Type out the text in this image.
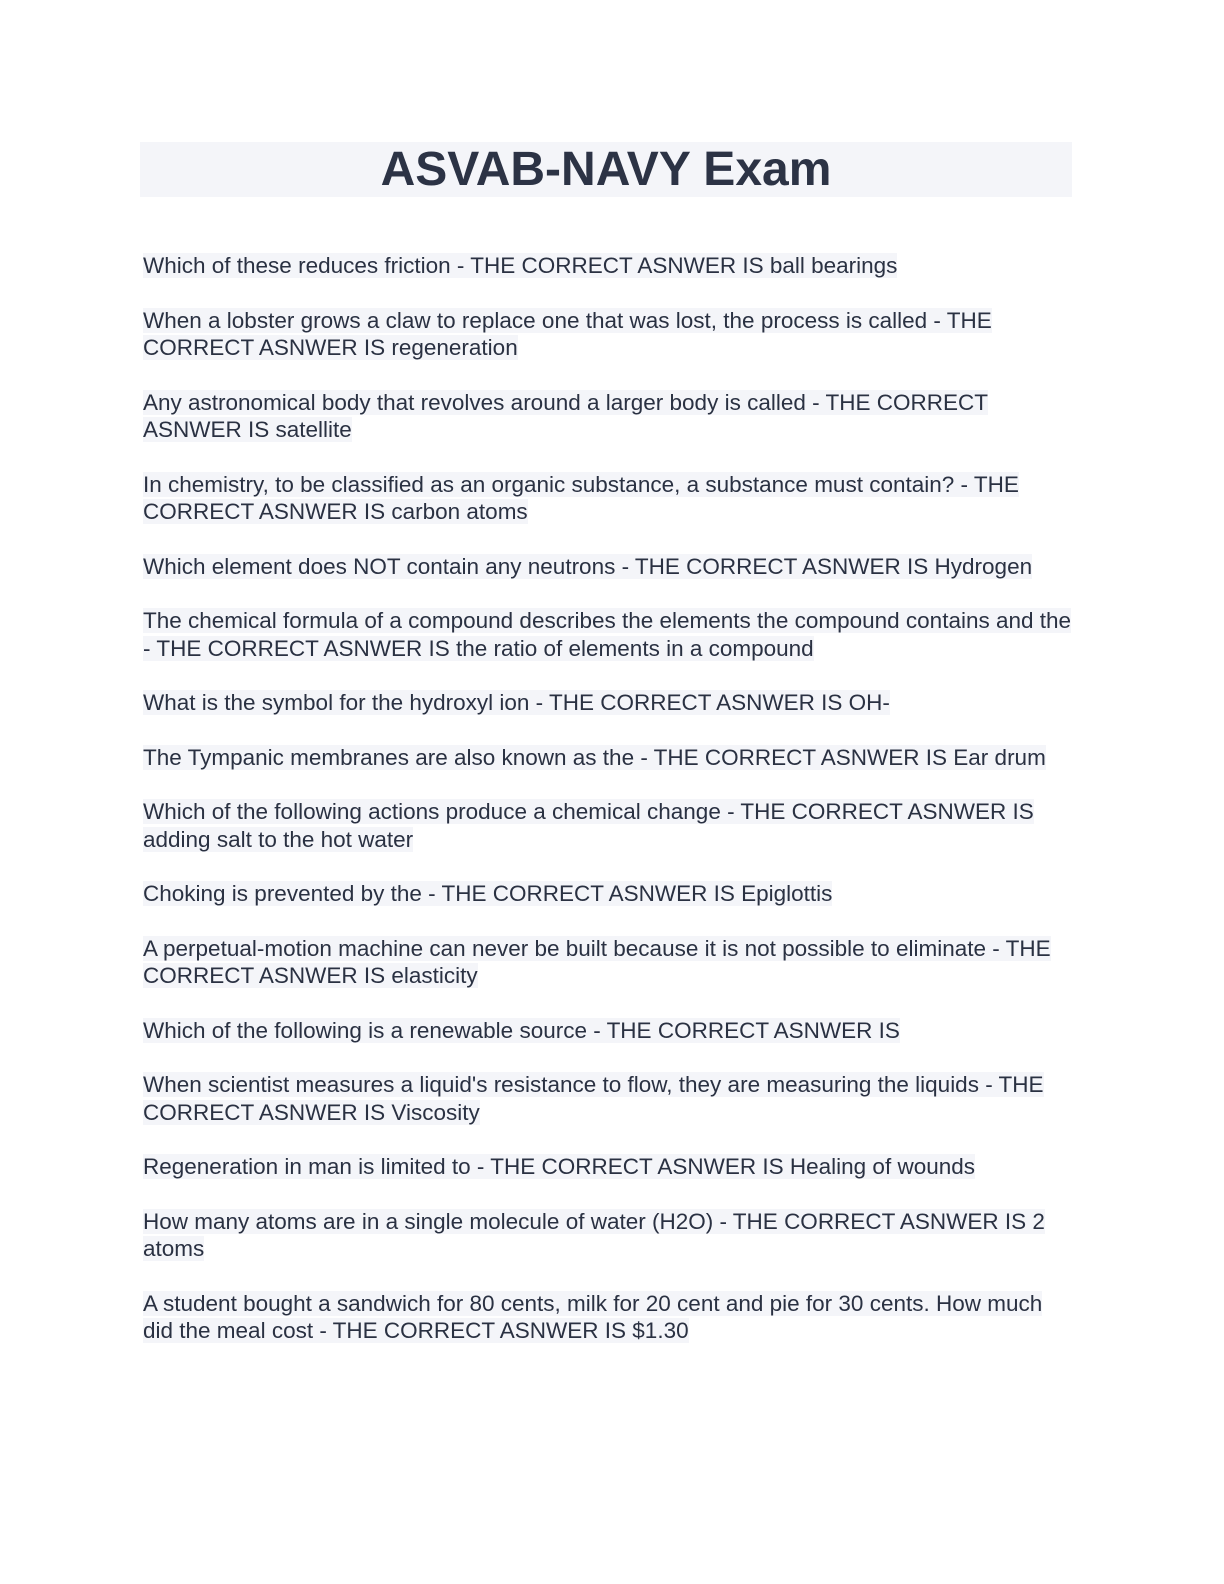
ASVAB-NAVY Exam
Which of these reduces friction - THE CORRECT ASNWER IS ball bearings
When a lobster grows a claw to replace one that was lost, the process is called - THE CORRECT ASNWER IS regeneration
Any astronomical body that revolves around a larger body is called - THE CORRECT ASNWER IS satellite
In chemistry, to be classified as an organic substance, a substance must contain? - THE CORRECT ASNWER IS carbon atoms
Which element does NOT contain any neutrons - THE CORRECT ASNWER IS Hydrogen
The chemical formula of a compound describes the elements the compound contains and the - THE CORRECT ASNWER IS the ratio of elements in a compound
What is the symbol for the hydroxyl ion - THE CORRECT ASNWER IS OH-
The Tympanic membranes are also known as the - THE CORRECT ASNWER IS Ear drum
Which of the following actions produce a chemical change - THE CORRECT ASNWER IS adding salt to the hot water
Choking is prevented by the - THE CORRECT ASNWER IS Epiglottis
A perpetual-motion machine can never be built because it is not possible to eliminate - THE CORRECT ASNWER IS elasticity
Which of the following is a renewable source - THE CORRECT ASNWER IS
When scientist measures a liquid's resistance to flow, they are measuring the liquids - THE CORRECT ASNWER IS Viscosity
Regeneration in man is limited to - THE CORRECT ASNWER IS Healing of wounds
How many atoms are in a single molecule of water (H2O) - THE CORRECT ASNWER IS 2 atoms
A student bought a sandwich for 80 cents, milk for 20 cent and pie for 30 cents. How much did the meal cost - THE CORRECT ASNWER IS $1.30
